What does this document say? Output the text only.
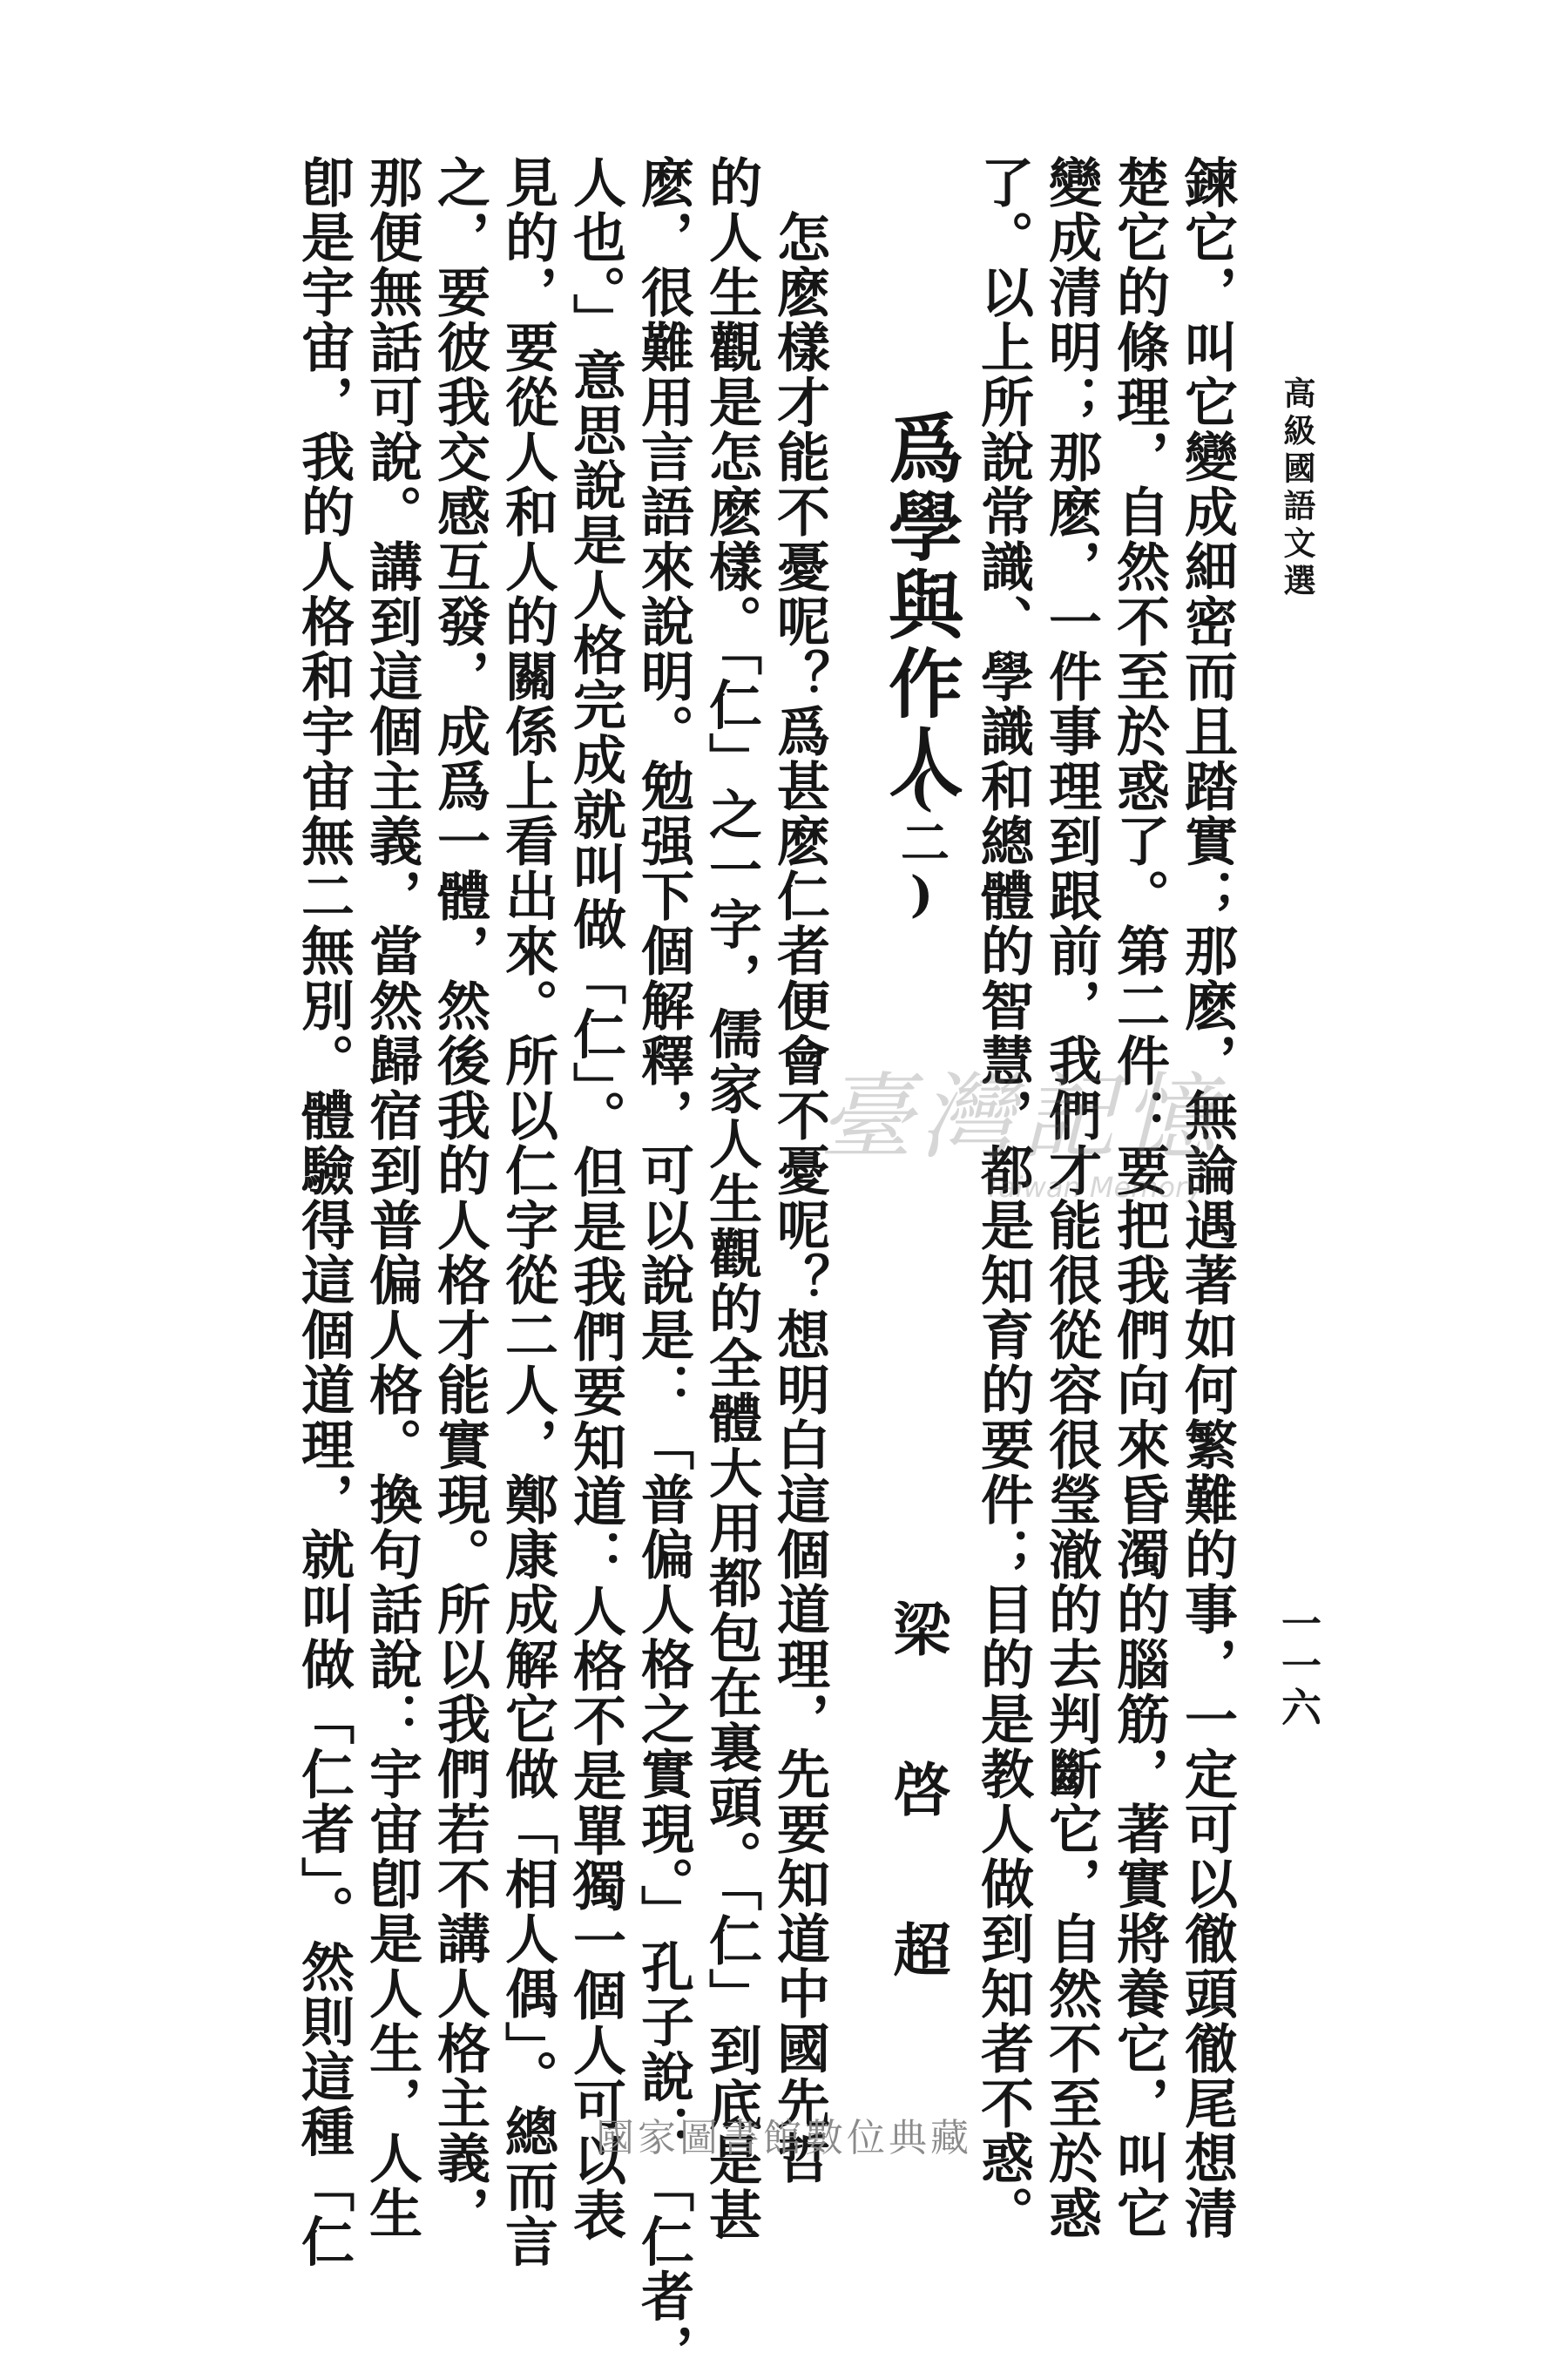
高級國語文選
一一六
鍊它，叫它變成細密而且踏實；那麽，無論遇著如何繁難的事，一定可以徹頭徹尾想清
楚它的條理，自然不至於惑了。第二件：要把我們向來昏濁的腦筋，著實將養它，叫它
變成清明；那麽，一件事理到跟前，我們才能很從容很瑩澈的去判斷它，自然不至於惑
了。以上所說常識、學識和總體的智慧，都是知育的要件；目的是教人做到知者不惑。
爲學與作人
(二)
梁　啓　超
　怎麽樣才能不憂呢？爲甚麽仁者便會不憂呢？想明白這個道理，先要知道中國先哲
的人生觀是怎麽樣。「仁」之一字，儒家人生觀的全體大用都包在裏頭。「仁」到底是甚
麽，很難用言語來說明。勉强下個解釋，可以說是：「普偏人格之實現。」孔子說：「仁者，
人也。」意思說是人格完成就叫做「仁」。但是我們要知道：人格不是單獨一個人可以表
見的，要從人和人的關係上看出來。所以仁字從二人，鄭康成解它做「相人偶」。總而言
之，要彼我交感互發，成爲一體，然後我的人格才能實現。所以我們若不講人格主義，
那便無話可說。講到這個主義，當然歸宿到普偏人格。換句話說：宇宙卽是人生，人生
卽是宇宙，我的人格和宇宙無二無別。體驗得這個道理，就叫做「仁者」。然則這種「仁	臺灣記憶
Taiwan Memory
國家圖書館數位典藏
